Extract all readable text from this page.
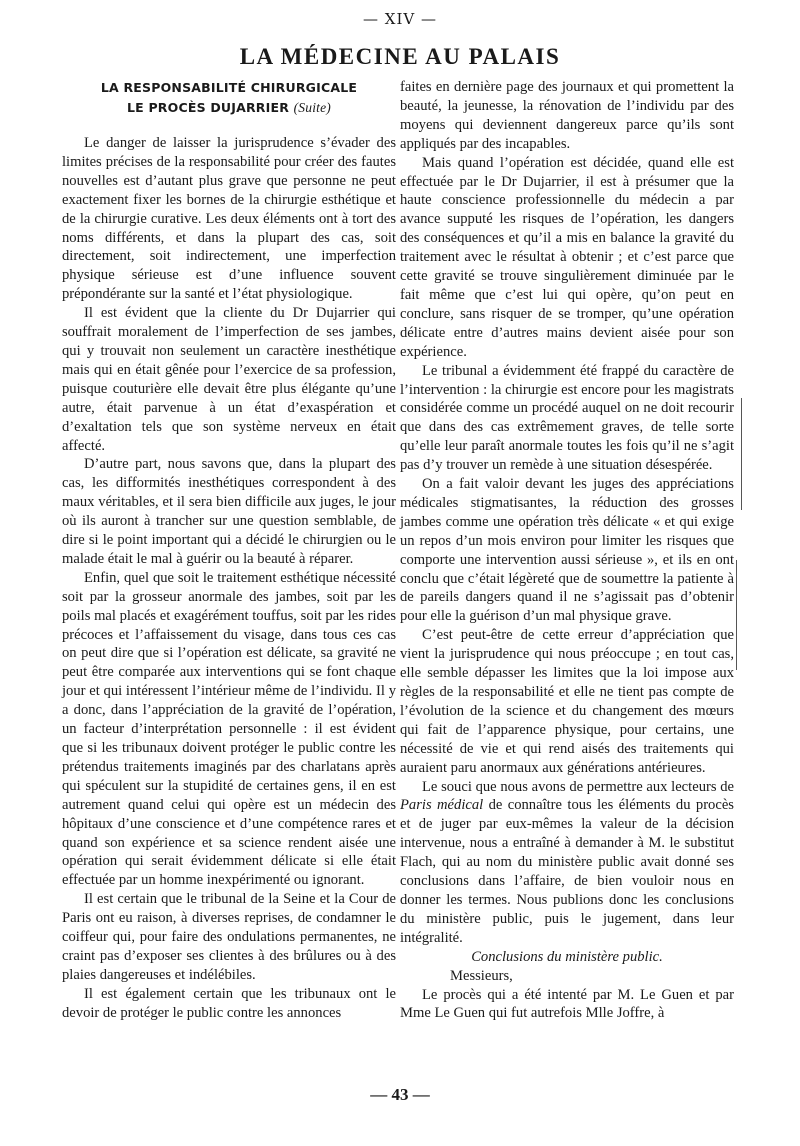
— XIV —
LA MÉDECINE AU PALAIS
LA RESPONSABILITÉ CHIRURGICALE
LE PROCÈS DUJARRIER (Suite)

Le danger de laisser la jurisprudence s’évader des limites précises de la responsabilité pour créer des fautes nouvelles est d’autant plus grave que personne ne peut exactement fixer les bornes de la chirurgie esthétique et de la chirurgie curative. Les deux éléments ont à tort des noms différents, et dans la plupart des cas, soit directement, soit indirectement, une imperfection physique sérieuse est d’une influence souvent prépondérante sur la santé et l’état physiologique.

Il est évident que la cliente du Dr Dujarrier qui souffrait moralement de l’imperfection de ses jambes, qui y trouvait non seulement un caractère inesthétique mais qui en était gênée pour l’exercice de sa profession, puisque couturière elle devait être plus élégante qu’une autre, était parvenue à un état d’exaspération et d’exaltation tels que son système nerveux en était affecté.

D’autre part, nous savons que, dans la plupart des cas, les difformités inesthétiques correspondent à des maux véritables, et il sera bien difficile aux juges, le jour où ils auront à trancher sur une question semblable, de dire si le point important qui a décidé le chirurgien ou le malade était le mal à guérir ou la beauté à réparer.

Enfin, quel que soit le traitement esthétique nécessité soit par la grosseur anormale des jambes, soit par les poils mal placés et exagérément touffus, soit par les rides précoces et l’affaissement du visage, dans tous ces cas on peut dire que si l’opération est délicate, sa gravité ne peut être comparée aux interventions qui se font chaque jour et qui intéressent l’intérieur même de l’individu. Il y a donc, dans l’appréciation de la gravité de l’opération, un facteur d’interprétation personnelle : il est évident que si les tribunaux doivent protéger le public contre les prétendus traitements imaginés par des charlatans après qui spéculent sur la stupidité de certaines gens, il en est autrement quand celui qui opère est un médecin des hôpitaux d’une conscience et d’une compétence rares et quand son expérience et sa science rendent aisée une opération qui serait évidemment délicate si elle était effectuée par un homme inexpérimenté ou ignorant.

Il est certain que le tribunal de la Seine et la Cour de Paris ont eu raison, à diverses reprises, de condamner le coiffeur qui, pour faire des ondulations permanentes, ne craint pas d’exposer ses clientes à des brûlures ou à des plaies dangereuses et indélébiles.

Il est également certain que les tribunaux ont le devoir de protéger le public contre les annonces

faites en dernière page des journaux et qui promettent la beauté, la jeunesse, la rénovation de l’individu par des moyens qui deviennent dangereux parce qu’ils sont appliqués par des incapables.

Mais quand l’opération est décidée, quand elle est effectuée par le Dr Dujarrier, il est à présumer que la haute conscience professionnelle du médecin a par avance supputé les risques de l’opération, les dangers des conséquences et qu’il a mis en balance la gravité du traitement avec le résultat à obtenir ; et c’est parce que cette gravité se trouve singulièrement diminuée par le fait même que c’est lui qui opère, qu’on peut en conclure, sans risquer de se tromper, qu’une opération délicate entre d’autres mains devient aisée pour son expérience.

Le tribunal a évidemment été frappé du caractère de l’intervention : la chirurgie est encore pour les magistrats considérée comme un procédé auquel on ne doit recourir que dans des cas extrêmement graves, de telle sorte qu’elle leur paraît anormale toutes les fois qu’il ne s’agit pas d’y trouver un remède à une situation désespérée.

On a fait valoir devant les juges des appréciations médicales stigmatisantes, la réduction des grosses jambes comme une opération très délicate « et qui exige un repos d’un mois environ pour limiter les risques que comporte une intervention aussi sérieuse », et ils en ont conclu que c’était légèreté que de soumettre la patiente à de pareils dangers quand il ne s’agissait pas d’obtenir pour elle la guérison d’un mal physique grave.

C’est peut-être de cette erreur d’appréciation que vient la jurisprudence qui nous préoccupe ; en tout cas, elle semble dépasser les limites que la loi impose aux règles de la responsabilité et elle ne tient pas compte de l’évolution de la science et du changement des mœurs qui fait de l’apparence physique, pour certains, une nécessité de vie et qui rend aisés des traitements qui auraient paru anormaux aux générations antérieures.

Le souci que nous avons de permettre aux lecteurs de Paris médical de connaître tous les éléments du procès et de juger par eux-mêmes la valeur de la décision intervenue, nous a entraîné à demander à M. le substitut Flach, qui au nom du ministère public avait donné ses conclusions dans l’affaire, de bien vouloir nous en donner les termes. Nous publions donc les conclusions du ministère public, puis le jugement, dans leur intégralité.

Conclusions du ministère public.

Messieurs,

Le procès qui a été intenté par M. Le Guen et par Mme Le Guen qui fut autrefois Mlle Joffre, à

— 43 —
